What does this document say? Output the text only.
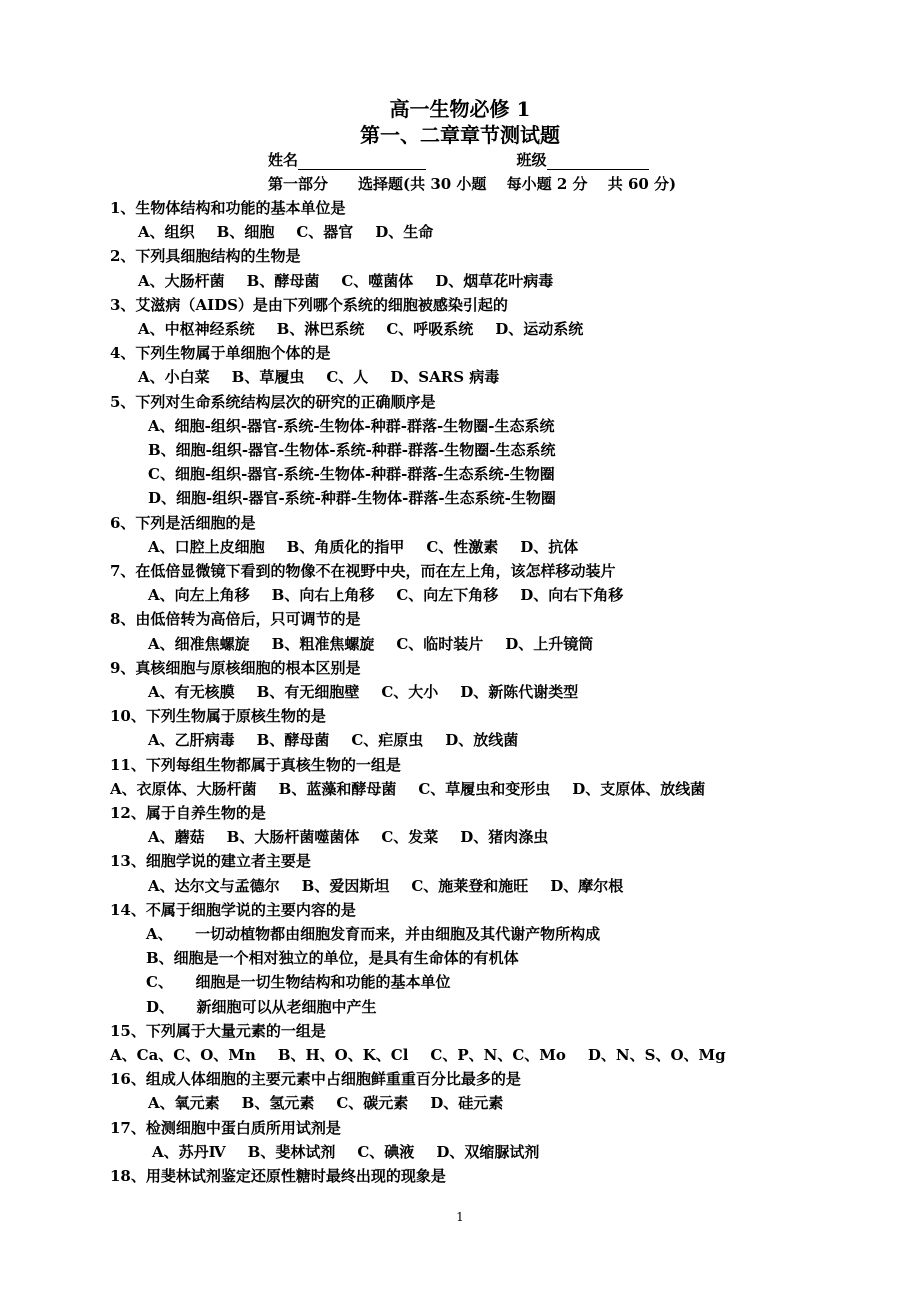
高一生物必修 1
第一、二章章节测试题
姓名	班级
第一部分　　选择题(共 30 小题　 每小题 2 分　 共 60 分)
1、生物体结构和功能的基本单位是
A、组织 B、细胞 C、器官 D、生命
2、下列具细胞结构的生物是
A、大肠杆菌 B、酵母菌 C、噬菌体 D、烟草花叶病毒
3、艾滋病（AIDS）是由下列哪个系统的细胞被感染引起的
A、中枢神经系统 B、淋巴系统 C、呼吸系统 D、运动系统
4、下列生物属于单细胞个体的是
A、小白菜 B、草履虫 C、人 D、SARS 病毒
5、下列对生命系统结构层次的研究的正确顺序是
A、细胞-组织-器官-系统-生物体-种群-群落-生物圈-生态系统
B、细胞-组织-器官-生物体-系统-种群-群落-生物圈-生态系统
C、细胞-组织-器官-系统-生物体-种群-群落-生态系统-生物圈
D、细胞-组织-器官-系统-种群-生物体-群落-生态系统-生物圈
6、下列是活细胞的是
A、口腔上皮细胞 B、角质化的指甲 C、性激素 D、抗体
7、在低倍显微镜下看到的物像不在视野中央，而在左上角，该怎样移动装片
A、向左上角移 B、向右上角移 C、向左下角移 D、向右下角移
8、由低倍转为高倍后，只可调节的是
A、细准焦螺旋 B、粗准焦螺旋 C、临时装片 D、上升镜筒
9、真核细胞与原核细胞的根本区别是
A、有无核膜 B、有无细胞壁 C、大小 D、新陈代谢类型
10、下列生物属于原核生物的是
A、乙肝病毒 B、酵母菌 C、疟原虫 D、放线菌
11、下列每组生物都属于真核生物的一组是
A、衣原体、大肠杆菌 B、蓝藻和酵母菌 C、草履虫和变形虫 D、支原体、放线菌
12、属于自养生物的是
A、蘑菇 B、大肠杆菌噬菌体 C、发菜 D、猪肉涤虫
13、细胞学说的建立者主要是
A、达尔文与孟德尔 B、爱因斯坦 C、施莱登和施旺 D、摩尔根
14、不属于细胞学说的主要内容的是
A、　　一切动植物都由细胞发育而来，并由细胞及其代谢产物所构成
B、细胞是一个相对独立的单位，是具有生命体的有机体
C、　　细胞是一切生物结构和功能的基本单位
D、　　新细胞可以从老细胞中产生
15、下列属于大量元素的一组是
A、Ca、C、O、Mn B、H、O、K、Cl C、P、N、C、Mo D、N、S、O、Mg
16、组成人体细胞的主要元素中占细胞鲜重重百分比最多的是
A、氧元素 B、氢元素 C、碳元素 D、硅元素
17、检测细胞中蛋白质所用试剂是
A、苏丹Ⅳ B、斐林试剂 C、碘液 D、双缩脲试剂
18、用斐林试剂鉴定还原性糖时最终出现的现象是
1
